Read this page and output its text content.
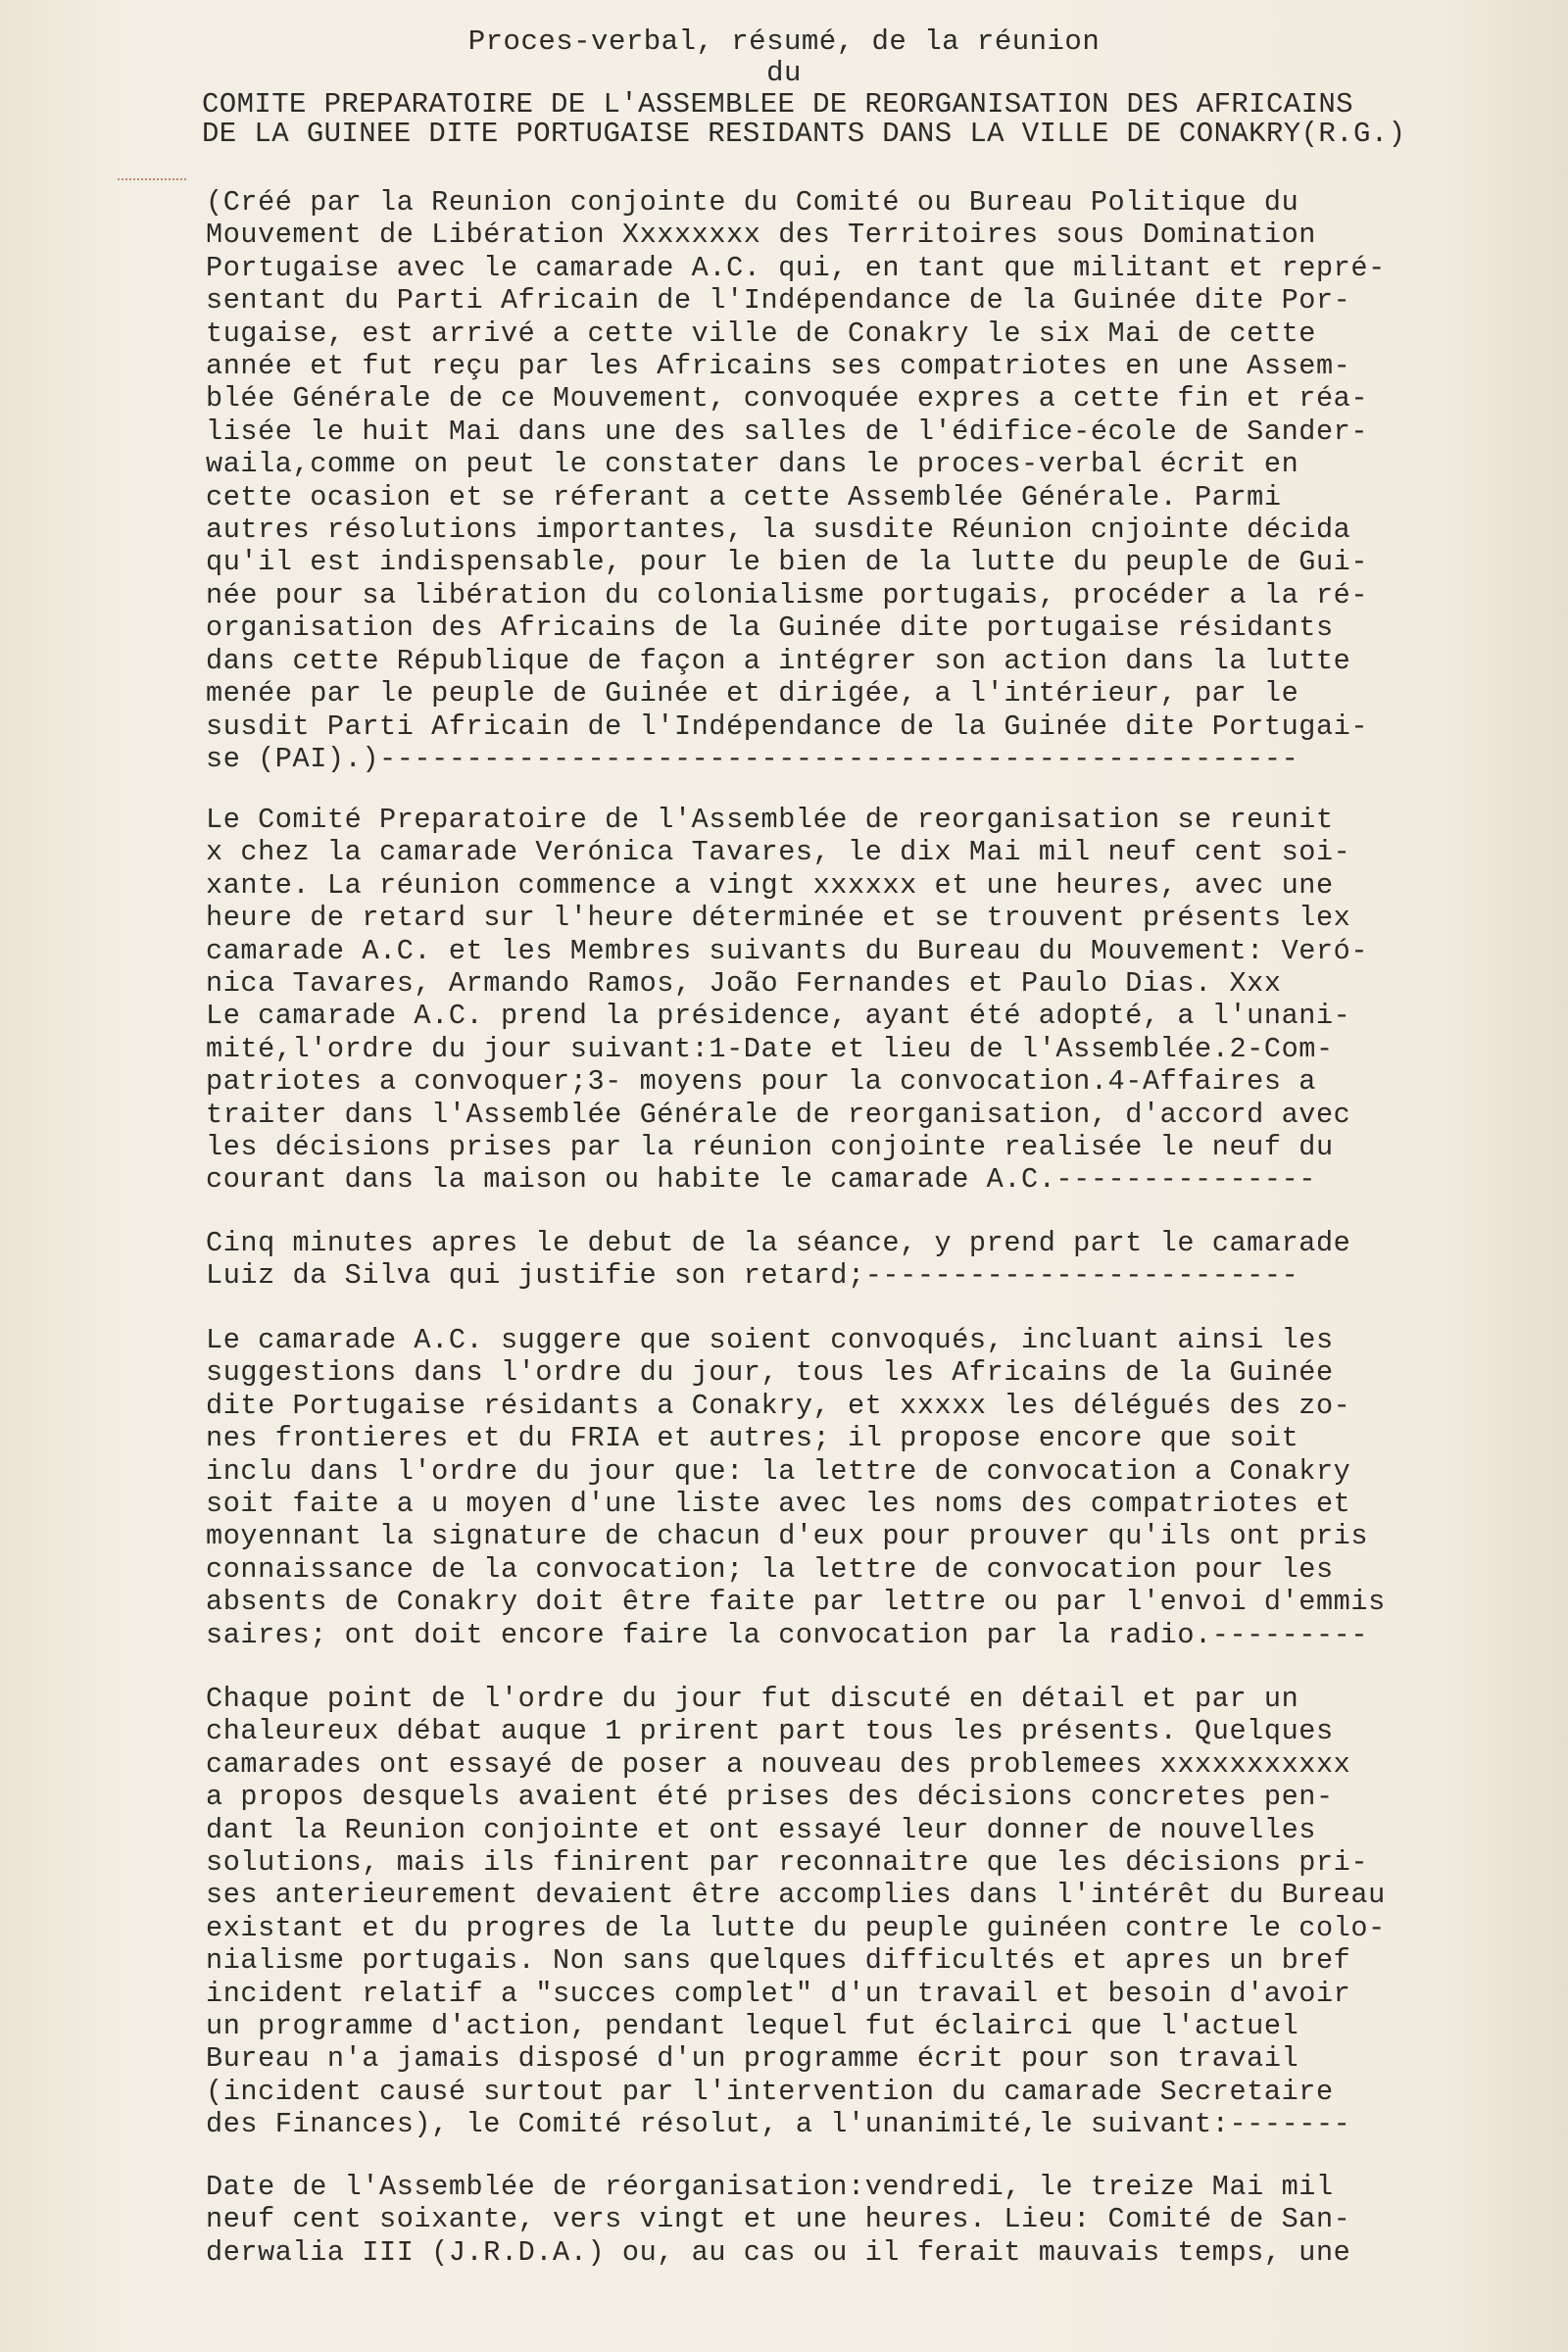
Proces-verbal, résumé, de la réunion
du
COMITE PREPARATOIRE DE L'ASSEMBLEE DE REORGANISATION DES AFRICAINS
DE LA GUINEE DITE PORTUGAISE RESIDANTS DANS LA VILLE DE CONAKRY(R.G.)
(Créé par la Reunion conjointe du Comité ou Bureau Politique du
Mouvement de Libération Xxxxxxxx des Territoires sous Domination
Portugaise avec le camarade A.C. qui, en tant que militant et repré-
sentant du Parti Africain de l'Indépendance de la Guinée dite Por-
tugaise, est arrivé a cette ville de Conakry le six Mai de cette
année et fut reçu par les Africains ses compatriotes en une Assem-
blée Générale de ce Mouvement, convoquée expres a cette fin et réa-
lisée le huit Mai dans une des salles de l'édifice-école de Sander-
waila,comme on peut le constater dans le proces-verbal écrit en
cette ocasion et se réferant a cette Assemblée Générale. Parmi
autres résolutions importantes, la susdite Réunion cnjointe décida
qu'il est indispensable, pour le bien de la lutte du peuple de Gui-
née pour sa libération du colonialisme portugais, procéder a la ré-
organisation des Africains de la Guinée dite portugaise résidants
dans cette République de façon a intégrer son action dans la lutte
menée par le peuple de Guinée et dirigée, a l'intérieur, par le
susdit Parti Africain de l'Indépendance de la Guinée dite Portugai-
se (PAI).)-----------------------------------------------------
Le Comité Preparatoire de l'Assemblée de reorganisation se reunit
x chez la camarade Verónica Tavares, le dix Mai mil neuf cent soi-
xante. La réunion commence a vingt xxxxxx et une heures, avec une
heure de retard sur l'heure déterminée et se trouvent présents lex
camarade A.C. et les Membres suivants du Bureau du Mouvement: Veró-
nica Tavares, Armando Ramos, João Fernandes et Paulo Dias. Xxx
Le camarade A.C. prend la présidence, ayant été adopté, a l'unani-
mité,l'ordre du jour suivant:1-Date et lieu de l'Assemblée.2-Com-
patriotes a convoquer;3- moyens pour la convocation.4-Affaires a
traiter dans l'Assemblée Générale de reorganisation, d'accord avec
les décisions prises par la réunion conjointe realisée le neuf du
courant dans la maison ou habite le camarade A.C.---------------
Cinq minutes apres le debut de la séance, y prend part le camarade
Luiz da Silva qui justifie son retard;-------------------------
Le camarade A.C. suggere que soient convoqués, incluant ainsi les
suggestions dans l'ordre du jour, tous les Africains de la Guinée
dite Portugaise résidants a Conakry, et xxxxx les délégués des zo-
nes frontieres et du FRIA et autres; il propose encore que soit
inclu dans l'ordre du jour que: la lettre de convocation a Conakry
soit faite a u moyen d'une liste avec les noms des compatriotes et
moyennant la signature de chacun d'eux pour prouver qu'ils ont pris
connaissance de la convocation; la lettre de convocation pour les
absents de Conakry doit être faite par lettre ou par l'envoi d'emmis
saires; ont doit encore faire la convocation par la radio.---------
Chaque point de l'ordre du jour fut discuté en détail et par un
chaleureux débat auque 1 prirent part tous les présents. Quelques
camarades ont essayé de poser a nouveau des problemees xxxxxxxxxxx
a propos desquels avaient été prises des décisions concretes pen-
dant la Reunion conjointe et ont essayé leur donner de nouvelles
solutions, mais ils finirent par reconnaitre que les décisions pri-
ses anterieurement devaient être accomplies dans l'intérêt du Bureau
existant et du progres de la lutte du peuple guinéen contre le colo-
nialisme portugais. Non sans quelques difficultés et apres un bref
incident relatif a "succes complet" d'un travail et besoin d'avoir
un programme d'action, pendant lequel fut éclairci que l'actuel
Bureau n'a jamais disposé d'un programme écrit pour son travail
(incident causé surtout par l'intervention du camarade Secretaire
des Finances), le Comité résolut, a l'unanimité,le suivant:-------
Date de l'Assemblée de réorganisation:vendredi, le treize Mai mil
neuf cent soixante, vers vingt et une heures. Lieu: Comité de San-
derwalia III (J.R.D.A.) ou, au cas ou il ferait mauvais temps, une
